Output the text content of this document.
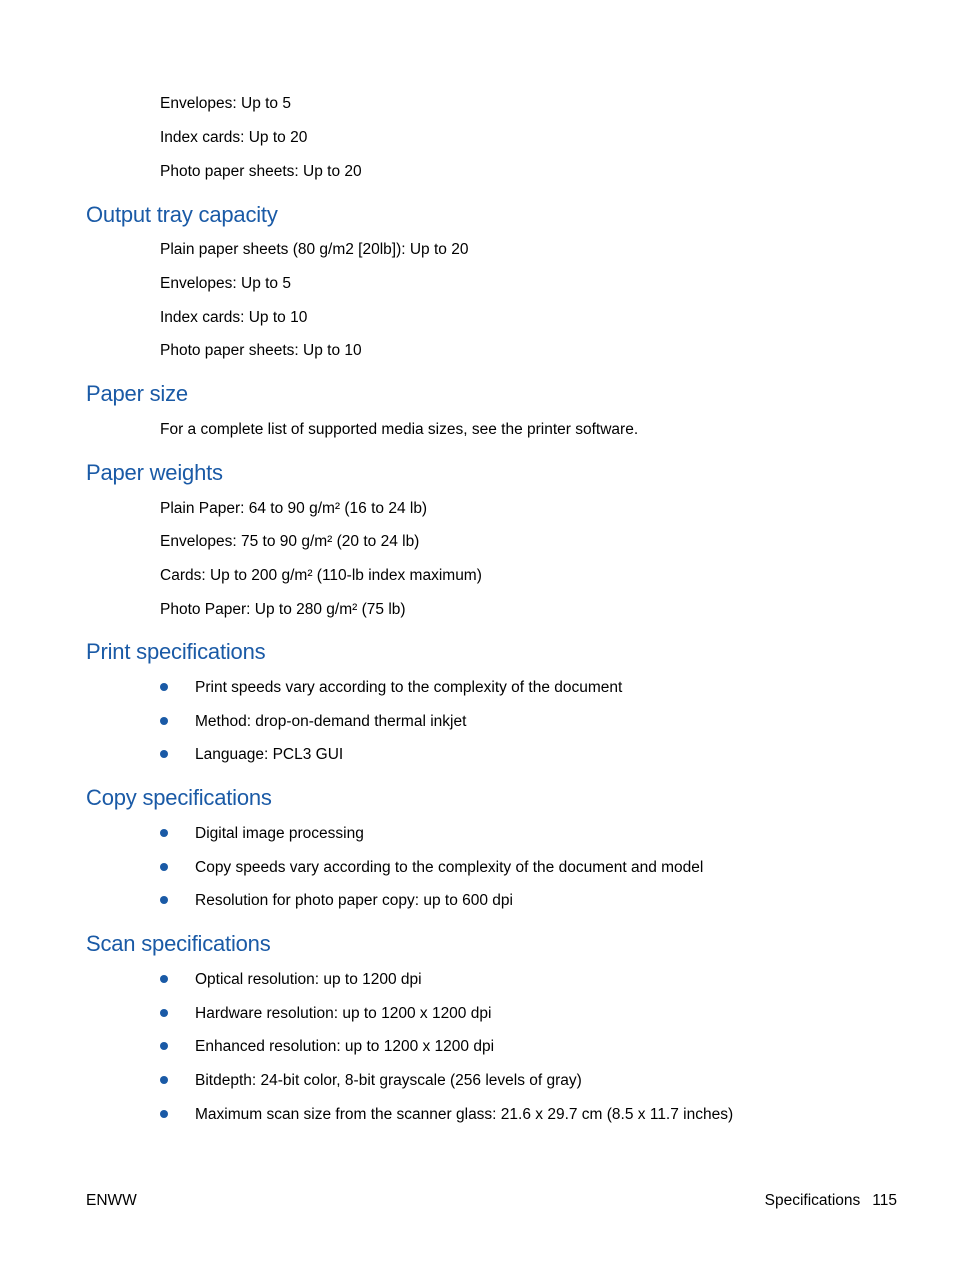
Envelopes: Up to 5
Index cards: Up to 20
Photo paper sheets: Up to 20
Output tray capacity
Plain paper sheets (80 g/m2 [20lb]): Up to 20
Envelopes: Up to 5
Index cards: Up to 10
Photo paper sheets: Up to 10
Paper size
For a complete list of supported media sizes, see the printer software.
Paper weights
Plain Paper: 64 to 90 g/m² (16 to 24 lb)
Envelopes: 75 to 90 g/m² (20 to 24 lb)
Cards: Up to 200 g/m² (110-lb index maximum)
Photo Paper: Up to 280 g/m² (75 lb)
Print specifications
Print speeds vary according to the complexity of the document
Method: drop-on-demand thermal inkjet
Language: PCL3 GUI
Copy specifications
Digital image processing
Copy speeds vary according to the complexity of the document and model
Resolution for photo paper copy: up to 600 dpi
Scan specifications
Optical resolution: up to 1200 dpi
Hardware resolution: up to 1200 x 1200 dpi
Enhanced resolution: up to 1200 x 1200 dpi
Bitdepth: 24-bit color, 8-bit grayscale (256 levels of gray)
Maximum scan size from the scanner glass: 21.6 x 29.7 cm (8.5 x 11.7 inches)
ENWW	Specifications 115
